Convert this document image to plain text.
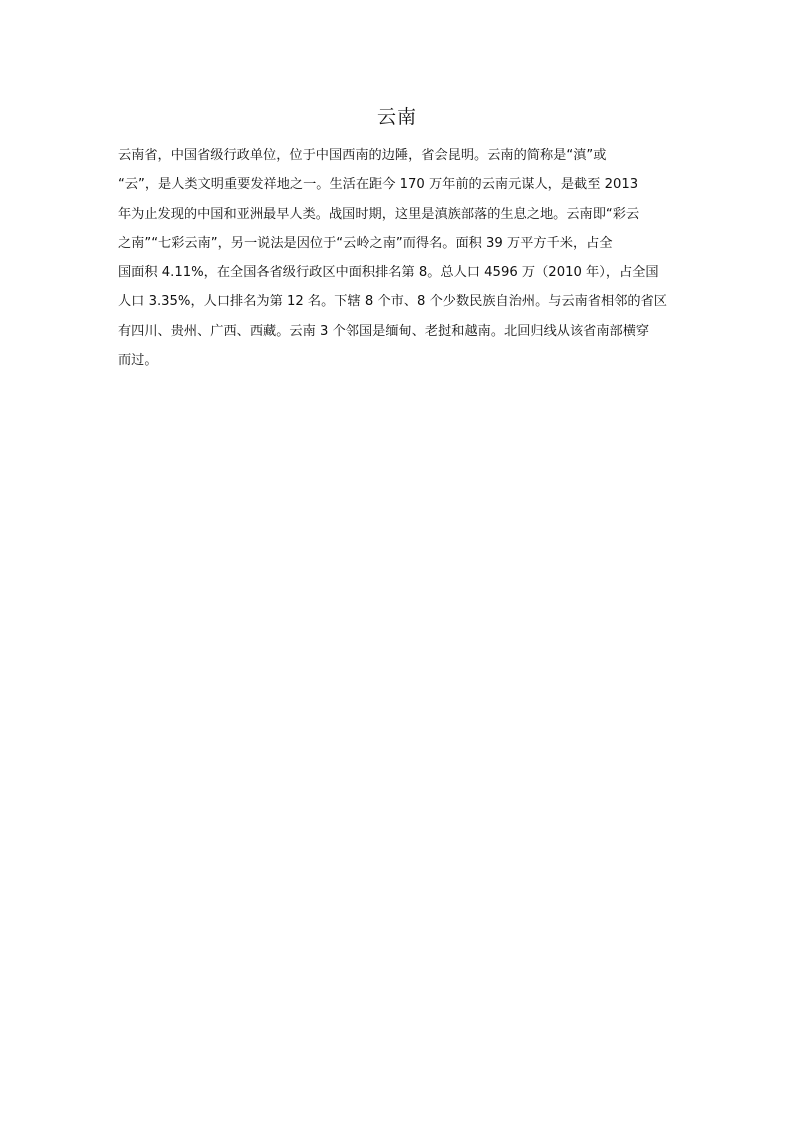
云南
云南省，中国省级行政单位，位于中国西南的边陲，省会昆明。云南的简称是“滇”或
“云”，是人类文明重要发祥地之一。生活在距今 170 万年前的云南元谋人，是截至 2013
年为止发现的中国和亚洲最早人类。战国时期，这里是滇族部落的生息之地。云南即“彩云
之南”“七彩云南”，另一说法是因位于“云岭之南”而得名。面积 39 万平方千米，占全
国面积 4.11%，在全国各省级行政区中面积排名第 8。总人口 4596 万（2010 年），占全国
人口 3.35%，人口排名为第 12 名。下辖 8 个市、8 个少数民族自治州。与云南省相邻的省区
有四川、贵州、广西、西藏。云南 3 个邻国是缅甸、老挝和越南。北回归线从该省南部横穿
而过。
